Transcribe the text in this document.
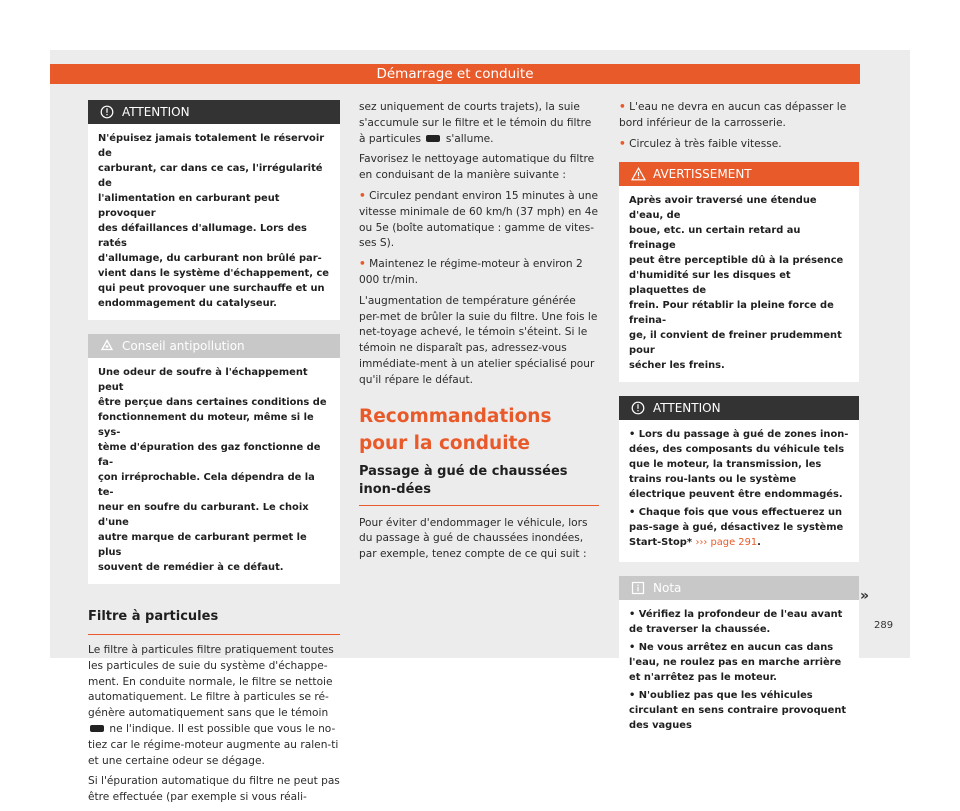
Démarrage et conduite
ATTENTION
N'épuisez jamais totalement le réservoir de
carburant, car dans ce cas, l'irrégularité de
l'alimentation en carburant peut provoquer
des défaillances d'allumage. Lors des ratés
d'allumage, du carburant non brûlé par-
vient dans le système d'échappement, ce
qui peut provoquer une surchauffe et un
endommagement du catalyseur.
Conseil antipollution
Une odeur de soufre à l'échappement peut
être perçue dans certaines conditions de
fonctionnement du moteur, même si le sys-
tème d'épuration des gaz fonctionne de fa-
çon irréprochable. Cela dépendra de la te-
neur en soufre du carburant. Le choix d'une
autre marque de carburant permet le plus
souvent de remédier à ce défaut.
Filtre à particules

Le filtre à particules filtre pratiquement toutes les particules de suie du système d'échappe-ment. En conduite normale, le filtre se nettoie automatiquement. Le filtre à particules se ré-génère automatiquement sans que le témoin  ne l'indique. Il est possible que vous le no-tiez car le régime-moteur augmente au ralen-ti et une certaine odeur se dégage.

Si l'épuration automatique du filtre ne peut pas être effectuée (par exemple si vous réali-

sez uniquement de courts trajets), la suie s'accumule sur le filtre et le témoin du filtre à particules s'allume.

Favorisez le nettoyage automatique du filtre en conduisant de la manière suivante :

• Circulez pendant environ 15 minutes à une vitesse minimale de 60 km/h (37 mph) en 4e ou 5e (boîte automatique : gamme de vites-ses S).

• Maintenez le régime-moteur à environ 2 000 tr/min.

L'augmentation de température générée per-met de brûler la suie du filtre. Une fois le net-toyage achevé, le témoin s'éteint. Si le témoin ne disparaît pas, adressez-vous immédiate-ment à un atelier spécialisé pour qu'il répare le défaut.

Recommandations pour la conduite
Passage à gué de chaussées inon-dées

Pour éviter d'endommager le véhicule, lors du passage à gué de chaussées inondées, par exemple, tenez compte de ce qui suit :

• L'eau ne devra en aucun cas dépasser le bord inférieur de la carrosserie.

• Circulez à très faible vitesse.

AVERTISSEMENT
Après avoir traversé une étendue d'eau, de
boue, etc. un certain retard au freinage
peut être perceptible dû à la présence
d'humidité sur les disques et plaquettes de
frein. Pour rétablir la pleine force de freina-
ge, il convient de freiner prudemment pour
sécher les freins.
ATTENTION

• Lors du passage à gué de zones inon-dées, des composants du véhicule tels que le moteur, la transmission, les trains rou-lants ou le système électrique peuvent être endommagés.

• Chaque fois que vous effectuerez un pas-sage à gué, désactivez le système Start-Stop* ››› page 291.

Nota

• Vérifiez la profondeur de l'eau avant de traverser la chaussée.

• Ne vous arrêtez en aucun cas dans l'eau, ne roulez pas en marche arrière et n'arrêtez pas le moteur.

• N'oubliez pas que les véhicules circulant en sens contraire provoquent des vagues

»
289
